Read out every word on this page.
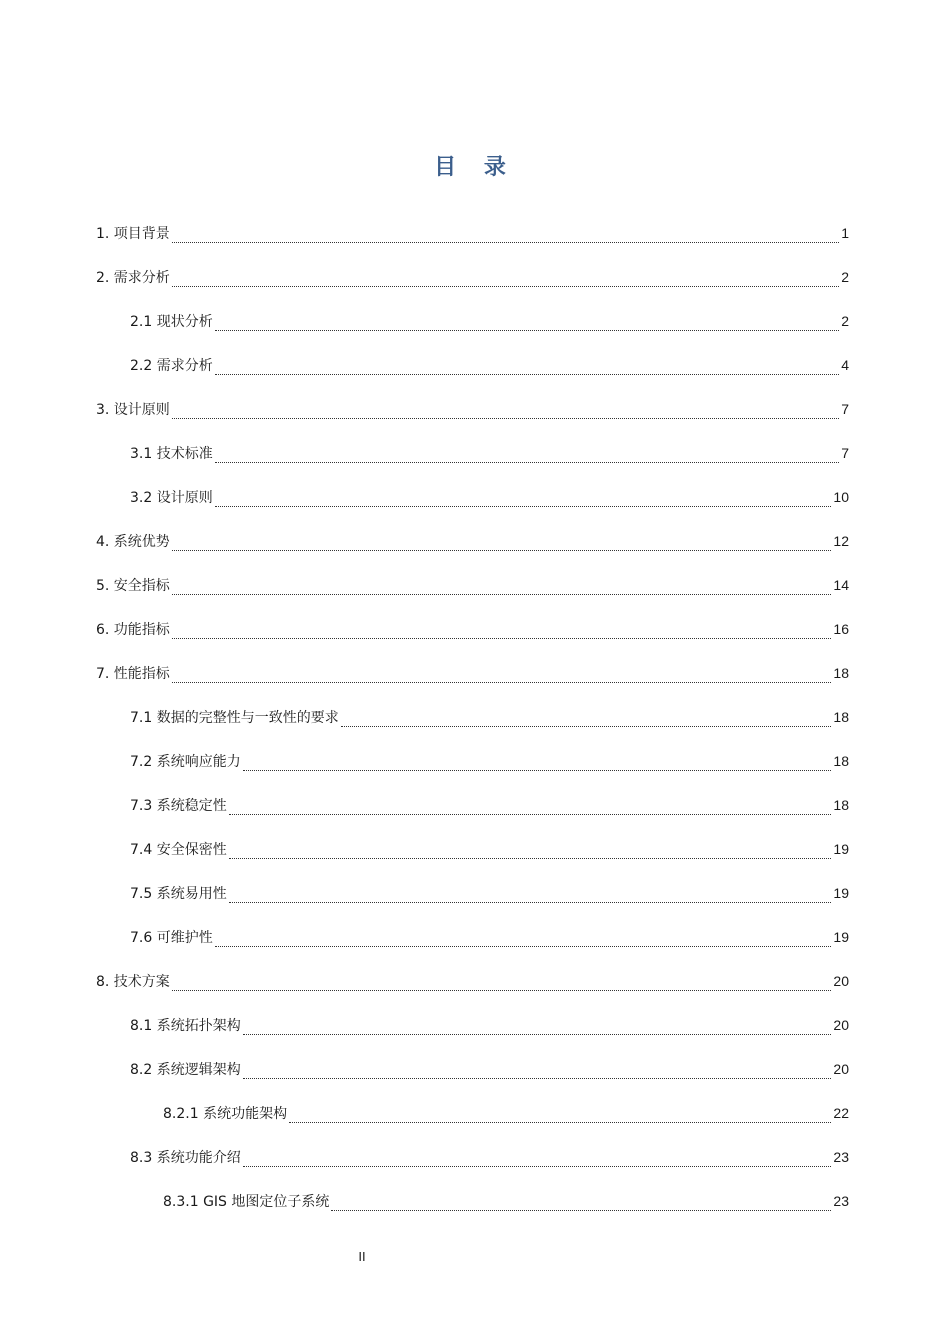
目 录
1. 项目背景	1
2. 需求分析	2
2.1 现状分析	2
2.2 需求分析	4
3. 设计原则	7
3.1 技术标准	7
3.2 设计原则	10
4. 系统优势	12
5. 安全指标	14
6. 功能指标	16
7. 性能指标	18
7.1 数据的完整性与一致性的要求	18
7.2 系统响应能力	18
7.3 系统稳定性	18
7.4 安全保密性	19
7.5 系统易用性	19
7.6 可维护性	19
8. 技术方案	20
8.1 系统拓扑架构	20
8.2 系统逻辑架构	20
8.2.1 系统功能架构	22
8.3 系统功能介绍	23
8.3.1 GIS 地图定位子系统	23
II
